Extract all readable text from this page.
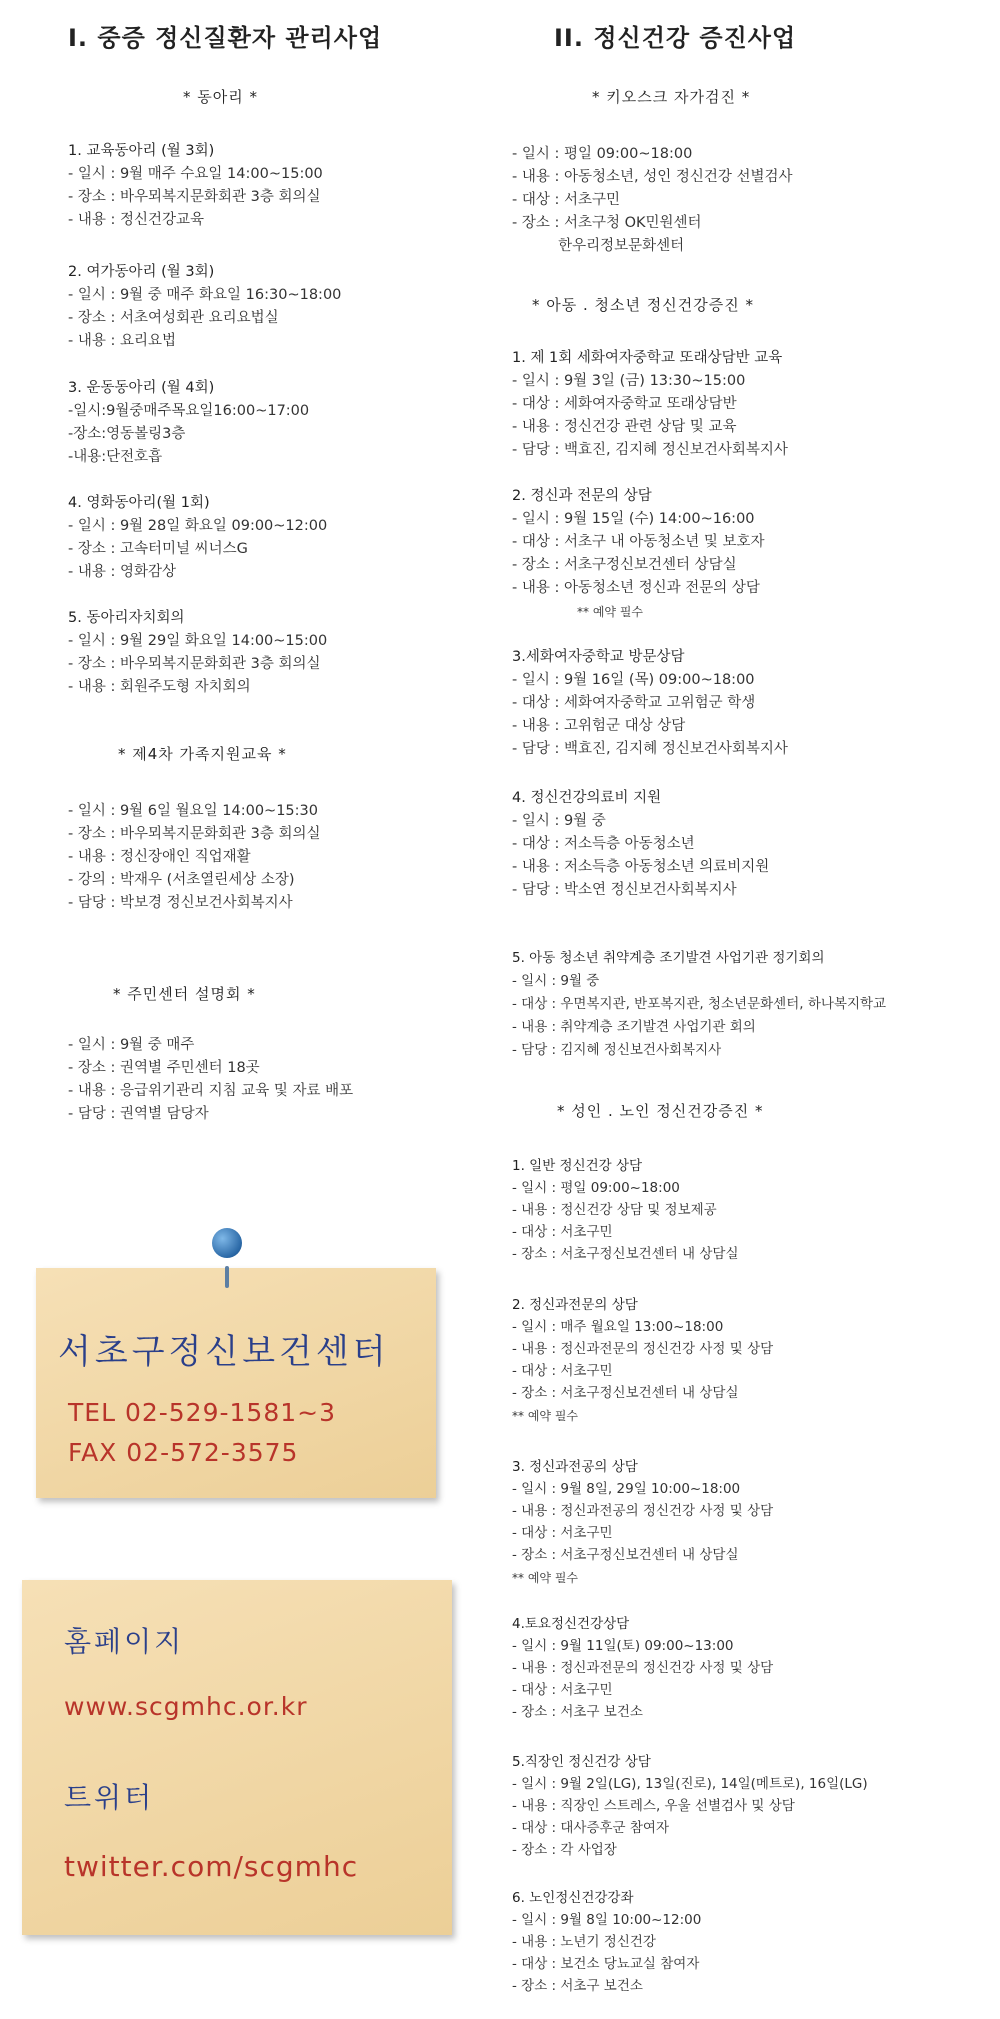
I. 중증 정신질환자 관리사업
* 동아리 *
1. 교육동아리 (월 3회)
- 일시 : 9월 매주 수요일 14:00~15:00
- 장소 : 바우뫼복지문화회관 3층 회의실
- 내용 : 정신건강교육
2. 여가동아리 (월 3회)
- 일시 : 9월 중 매주 화요일 16:30~18:00
- 장소 : 서초여성회관 요리요법실
- 내용 : 요리요법
3. 운동동아리 (월 4회)
-일시:9월중매주목요일16:00~17:00
-장소:영동볼링3층
-내용:단전호흡
4. 영화동아리(월 1회)
- 일시 : 9월 28일 화요일 09:00~12:00
- 장소 : 고속터미널 씨너스G
- 내용 : 영화감상
5. 동아리자치회의
- 일시 : 9월 29일 화요일 14:00~15:00
- 장소 : 바우뫼복지문화회관 3층 회의실
- 내용 : 회원주도형 자치회의
* 제4차 가족지원교육 *
- 일시 : 9월 6일 월요일 14:00~15:30
- 장소 : 바우뫼복지문화회관 3층 회의실
- 내용 : 정신장애인 직업재활
- 강의 : 박재우 (서초열린세상 소장)
- 담당 : 박보경 정신보건사회복지사
* 주민센터 설명회 *
- 일시 : 9월 중 매주
- 장소 : 권역별 주민센터 18곳
- 내용 : 응급위기관리 지침 교육 및 자료 배포
- 담당 : 권역별 담당자
서초구정신보건센터
TEL 02-529-1581~3
FAX 02-572-3575
홈페이지
www.scgmhc.or.kr
트위터
twitter.com/scgmhc
II. 정신건강 증진사업
* 키오스크 자가검진 *
- 일시 : 평일 09:00~18:00
- 내용 : 아동청소년, 성인 정신건강 선별검사
- 대상 : 서초구민
- 장소 : 서초구청 OK민원센터
한우리정보문화센터
* 아동 . 청소년 정신건강증진 *
1. 제 1회 세화여자중학교 또래상담반 교육
- 일시 : 9월 3일 (금) 13:30~15:00
- 대상 : 세화여자중학교 또래상담반
- 내용 : 정신건강 관련 상담 및 교육
- 담당 : 백효진, 김지혜 정신보건사회복지사
2. 정신과 전문의 상담
- 일시 : 9월 15일 (수) 14:00~16:00
- 대상 : 서초구 내 아동청소년 및 보호자
- 장소 : 서초구정신보건센터 상담실
- 내용 : 아동청소년 정신과 전문의 상담
** 예약 필수
3.세화여자중학교 방문상담
- 일시 : 9월 16일 (목) 09:00~18:00
- 대상 : 세화여자중학교 고위험군 학생
- 내용 : 고위험군 대상 상담
- 담당 : 백효진, 김지혜 정신보건사회복지사
4. 정신건강의료비 지원
- 일시 : 9월 중
- 대상 : 저소득층 아동청소년
- 내용 : 저소득층 아동청소년 의료비지원
- 담당 : 박소연 정신보건사회복지사
5. 아동 청소년 취약계층 조기발견 사업기관 정기회의
- 일시 : 9월 중
- 대상 : 우면복지관, 반포복지관, 청소년문화센터, 하나복지학교
- 내용 : 취약계층 조기발견 사업기관 회의
- 담당 : 김지혜 정신보건사회복지사
* 성인 . 노인 정신건강증진 *
1. 일반 정신건강 상담
- 일시 : 평일 09:00~18:00
- 내용 : 정신건강 상담 및 정보제공
- 대상 : 서초구민
- 장소 : 서초구정신보건센터 내 상담실
2. 정신과전문의 상담
- 일시 : 매주 월요일 13:00~18:00
- 내용 : 정신과전문의 정신건강 사정 및 상담
- 대상 : 서초구민
- 장소 : 서초구정신보건센터 내 상담실
** 예약 필수
3. 정신과전공의 상담
- 일시 : 9월 8일, 29일 10:00~18:00
- 내용 : 정신과전공의 정신건강 사정 및 상담
- 대상 : 서초구민
- 장소 : 서초구정신보건센터 내 상담실
** 예약 필수
4.토요정신건강상담
- 일시 : 9월 11일(토) 09:00~13:00
- 내용 : 정신과전문의 정신건강 사정 및 상담
- 대상 : 서초구민
- 장소 : 서초구 보건소
5.직장인 정신건강 상담
- 일시 : 9월 2일(LG), 13일(진로), 14일(메트로), 16일(LG)
- 내용 : 직장인 스트레스, 우울 선별검사 및 상담
- 대상 : 대사증후군 참여자
- 장소 : 각 사업장
6. 노인정신건강강좌
- 일시 : 9월 8일 10:00~12:00
- 내용 : 노년기 정신건강
- 대상 : 보건소 당뇨교실 참여자
- 장소 : 서초구 보건소
